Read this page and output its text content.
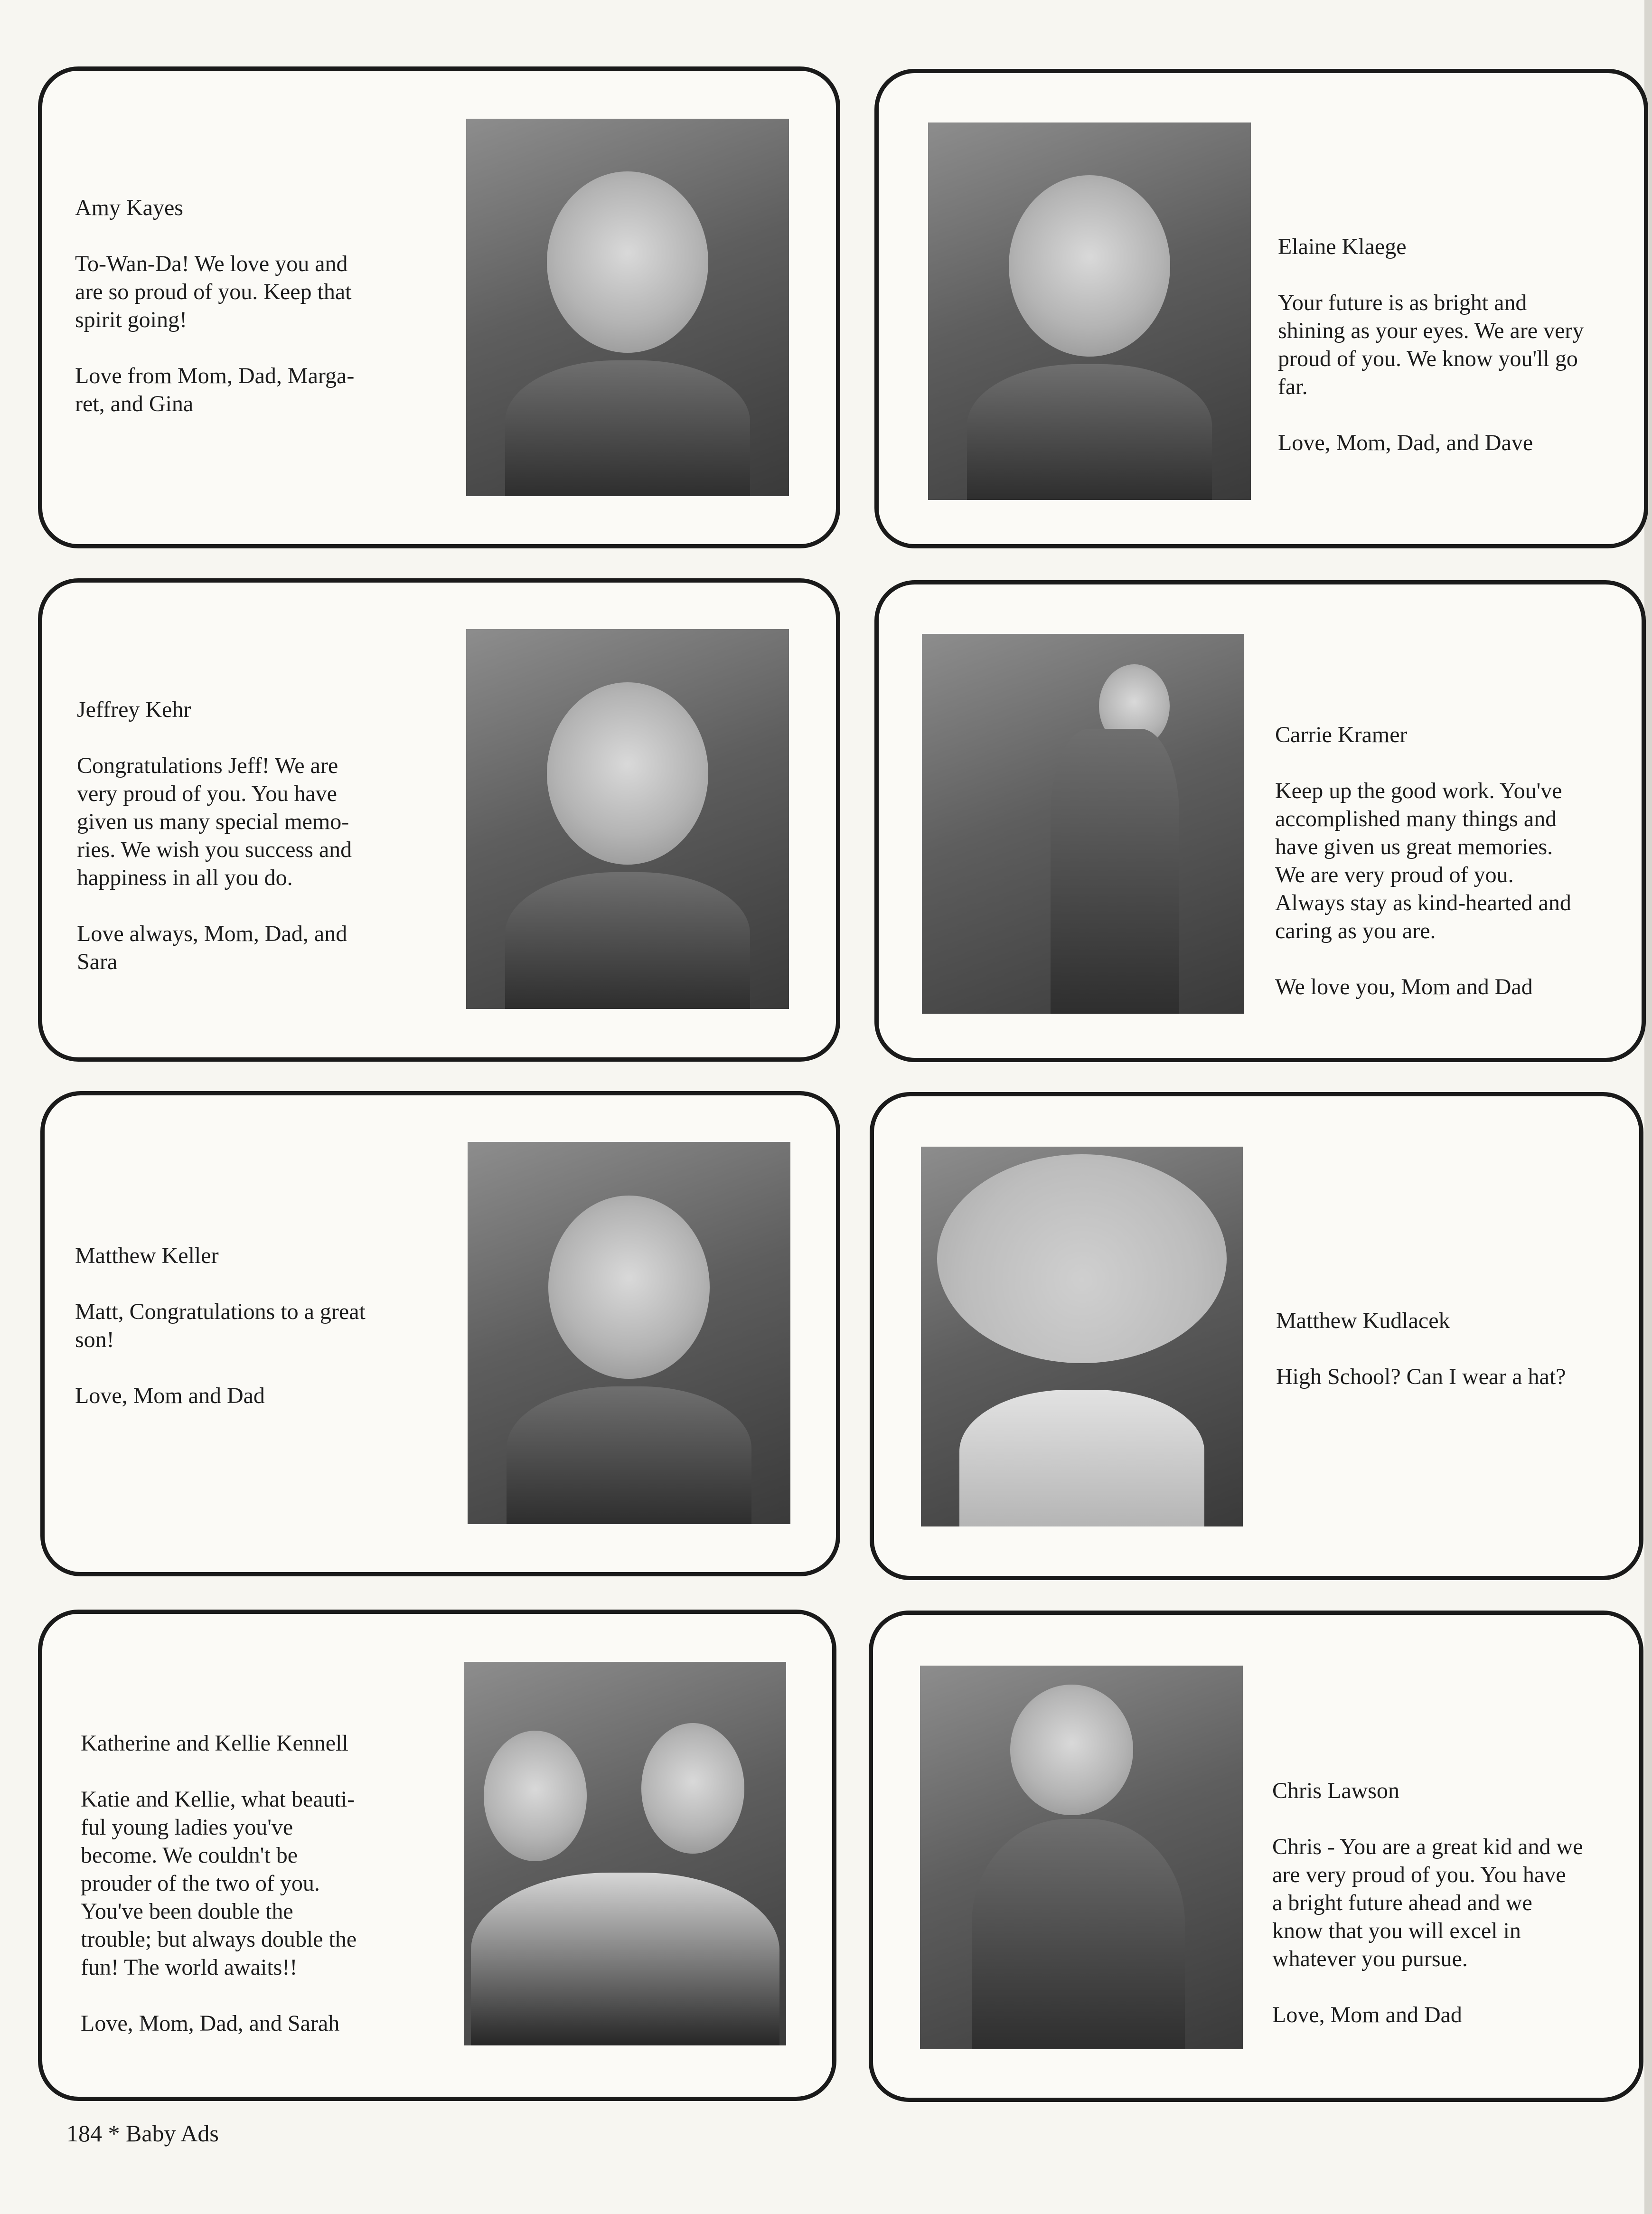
Amy Kayes
To-Wan-Da! We love you and
are so proud of you. Keep that
spirit going!
Love from Mom, Dad, Marga-
ret, and Gina
Elaine Klaege
Your future is as bright and
shining as your eyes. We are very
proud of you. We know you'll go
far.
Love, Mom, Dad, and Dave
Jeffrey Kehr
Congratulations Jeff! We are
very proud of you. You have
given us many special memo-
ries. We wish you success and
happiness in all you do.
Love always, Mom, Dad, and
Sara
Carrie Kramer
Keep up the good work. You've
accomplished many things and
have given us great memories.
We are very proud of you.
Always stay as kind-hearted and
caring as you are.
We love you, Mom and Dad
Matthew Keller
Matt, Congratulations to a great
son!
Love, Mom and Dad
Matthew Kudlacek
High School? Can I wear a hat?
Katherine and Kellie Kennell
Katie and Kellie, what beauti-
ful young ladies you've
become. We couldn't be
prouder of the two of you.
You've been double the
trouble; but always double the
fun! The world awaits!!
Love, Mom, Dad, and Sarah
Chris Lawson
Chris - You are a great kid and we
are very proud of you. You have
a bright future ahead and we
know that you will excel in
whatever you pursue.
Love, Mom and Dad
184 * Baby Ads
